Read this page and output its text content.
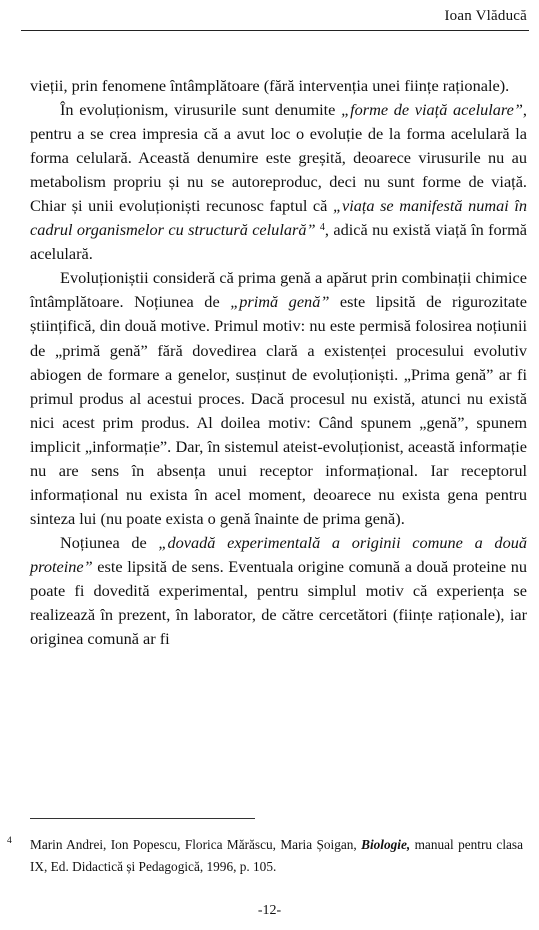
Ioan Vlăducă

vieții, prin fenomene întâmplătoare (fără intervenția unei ființe raționale).

În evoluționism, virusurile sunt denumite „forme de viață acelulare”, pentru a se crea impresia că a avut loc o evoluție de la forma acelulară la forma celulară. Această denumire este greșită, deoarece virusurile nu au metabolism propriu și nu se autoreproduc, deci nu sunt forme de viață. Chiar și unii evoluționiști recunosc faptul că „viața se manifestă numai în cadrul organismelor cu structură celulară” $^4$, adică nu există viață în formă acelulară.

Evoluționiștii consideră că prima genă a apărut prin combinații chimice întâmplătoare. Noțiunea de „primă genă” este lipsită de rigurozitate științifică, din două motive. Primul motiv: nu este permisă folosirea noțiunii de „primă genă” fără dovedirea clară a existenței procesului evolutiv abiogen de formare a genelor, susținut de evoluționiști. „Prima genă” ar fi primul produs al acestui proces. Dacă procesul nu există, atunci nu există nici acest prim produs. Al doilea motiv: Când spunem „genă”, spunem implicit „informație”. Dar, în sistemul ateist-evoluționist, această informație nu are sens în absența unui receptor informațional. Iar receptorul informațional nu exista în acel moment, deoarece nu exista gena pentru sinteza lui (nu poate exista o genă înainte de prima genă).

Noțiunea de „dovadă experimentală a originii comune a două proteine” este lipsită de sens. Eventuala origine comună a două proteine nu poate fi dovedită experimental, pentru simplul motiv că experiența se realizează în prezent, în laborator, de către cercetători (ființe raționale), iar originea comună ar fi

4 Marin Andrei, Ion Popescu, Florica Mărăscu, Maria Șoigan, Biologie, manual pentru clasa IX, Ed. Didactică și Pedagogică, 1996, p. 105.
-12-
